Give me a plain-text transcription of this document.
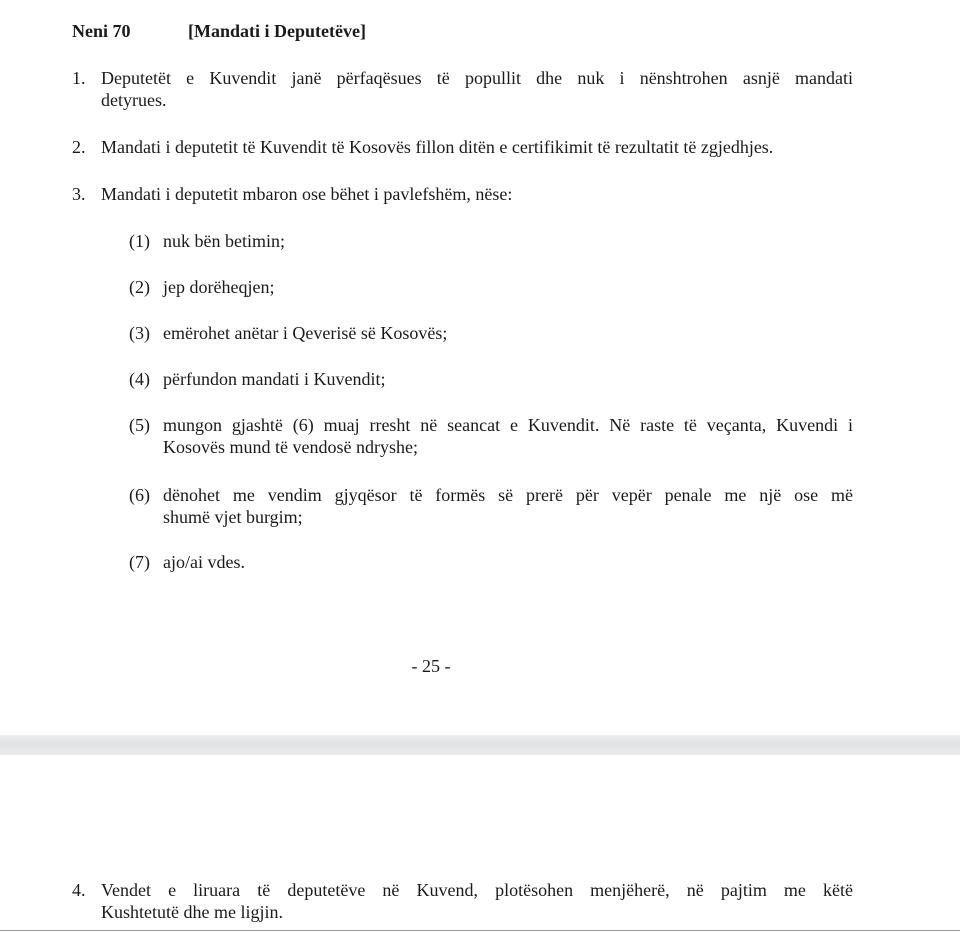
Neni 70	[Mandati i Deputetëve]
1. Deputetët e Kuvendit janë përfaqësues të popullit dhe nuk i nënshtrohen asnjë mandati
detyrues.
2. Mandati i deputetit të Kuvendit të Kosovës fillon ditën e certifikimit të rezultatit të zgjedhjes.
3. Mandati i deputetit mbaron ose bëhet i pavlefshëm, nëse:
(1) nuk bën betimin;
(2) jep dorëheqjen;
(3) emërohet anëtar i Qeverisë së Kosovës;
(4) përfundon mandati i Kuvendit;
(5) mungon gjashtë (6) muaj rresht në seancat e Kuvendit. Në raste të veçanta, Kuvendi i
Kosovës mund të vendosë ndryshe;
(6) dënohet me vendim gjyqësor të formës së prerë për vepër penale me një ose më
shumë vjet burgim;
(7) ajo/ai vdes.
- 25 -
4. Vendet e liruara të deputetëve në Kuvend, plotësohen menjëherë, në pajtim me këtë
Kushtetutë dhe me ligjin.
